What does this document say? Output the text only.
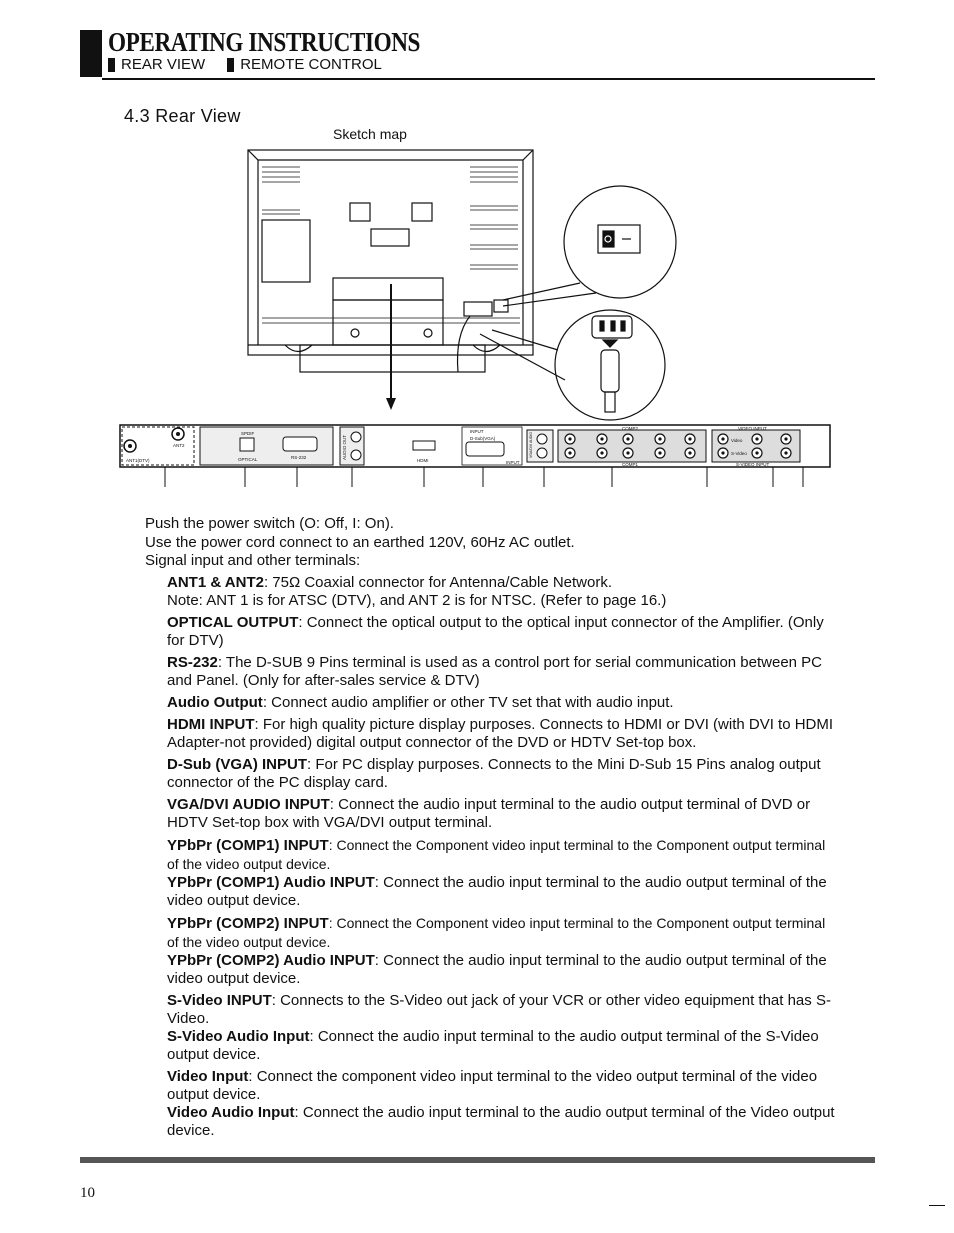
OPERATING INSTRUCTIONS
REAR VIEW REMOTE CONTROL
4.3 Rear View
Sketch map
ANT2
ANT1(DTV)
SPDIF
OPTICAL	RS-232	AUDIO OUT
HDMI
INPUT
D-Sub(VGA)
INPUT
VGA/DVI AUDIO
COMP2
COMP1
VIDEO INPUT
Video
S-Video
S-VIDEO INPUT
Push the power switch (O: Off, I: On).
Use the power cord connect to an earthed 120V, 60Hz AC outlet.
Signal input and other terminals:
ANT1 & ANT2: 75Ω Coaxial connector for Antenna/Cable Network.
Note: ANT 1 is for ATSC (DTV), and ANT 2 is for NTSC. (Refer to page 16.)
OPTICAL OUTPUT: Connect the optical output to the optical input connector of the Amplifier. (Only for DTV)
RS-232: The D-SUB 9 Pins terminal is used as a control port for serial communication between PC and Panel. (Only for after-sales service & DTV)
Audio Output: Connect audio amplifier or other TV set that with audio input.
HDMI INPUT: For high quality picture display purposes. Connects to HDMI or DVI (with DVI to HDMI Adapter-not provided) digital output connector of the DVD or HDTV Set-top box.
D-Sub (VGA) INPUT: For PC display purposes. Connects to the Mini D-Sub 15 Pins analog output connector of the PC display card.
VGA/DVI AUDIO INPUT: Connect the audio input terminal to the audio output terminal of DVD or HDTV Set-top box with VGA/DVI output terminal.
YPbPr (COMP1) INPUT: Connect the Component video input terminal to the Component output terminal of the video output device.
YPbPr (COMP1) Audio INPUT: Connect the audio input terminal to the audio output terminal of the video output device.
YPbPr (COMP2) INPUT: Connect the Component video input terminal to the Component output terminal of the video output device.
YPbPr (COMP2) Audio INPUT: Connect the audio input terminal to the audio output terminal of the video output device.
S-Video INPUT: Connects to the S-Video out jack of your VCR or other video equipment that has S-Video.
S-Video Audio Input: Connect the audio input terminal to the audio output terminal of the S-Video output device.
Video Input: Connect the component video input terminal to the video output terminal of the video output device.
Video Audio Input: Connect the audio input terminal to the audio output terminal of the Video output device.
10
